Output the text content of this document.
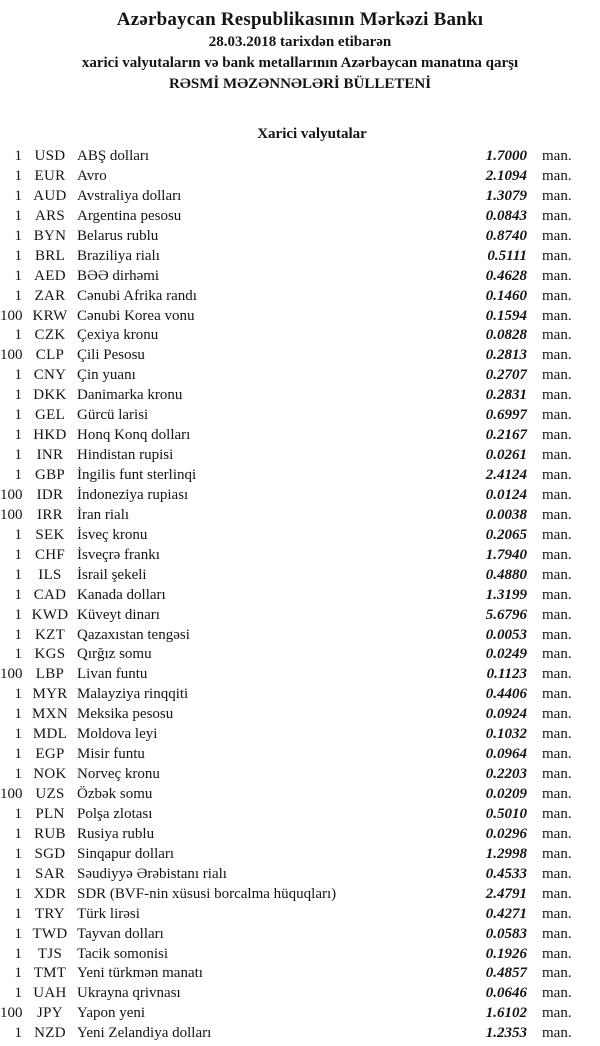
Azərbaycan Respublikasının Mərkəzi Bankı
28.03.2018 tarixdən etibarən
xarici valyutaların və bank metallarının Azərbaycan manatına qarşı
RƏSMİ MƏZƏNNƏLƏRİ BÜLLETENİ
Xarici valyutalar
1 USD ABŞ dolları	1.7000 man.
1 EUR Avro	2.1094 man.
1 AUD Avstraliya dolları	1.3079 man.
1 ARS Argentina pesosu	0.0843 man.
1 BYN Belarus rublu	0.8740 man.
1 BRL Braziliya rialı	0.5111 man.
1 AED BƏƏ dirhəmi	0.4628 man.
1 ZAR Cənubi Afrika randı	0.1460 man.
100 KRW Cənubi Korea vonu	0.1594 man.
1 CZK Çexiya kronu	0.0828 man.
100 CLP Çili Pesosu	0.2813 man.
1 CNY Çin yuanı	0.2707 man.
1 DKK Danimarka kronu	0.2831 man.
1 GEL Gürcü larisi	0.6997 man.
1 HKD Honq Konq dolları	0.2167 man.
1 INR Hindistan rupisi	0.0261 man.
1 GBP İngilis funt sterlinqi	2.4124 man.
100 IDR İndoneziya rupiası	0.0124 man.
100 IRR İran rialı	0.0038 man.
1 SEK İsveç kronu	0.2065 man.
1 CHF İsveçrə frankı	1.7940 man.
1	ILS	İsrail şekeli	0.4880 man.
1 CAD Kanada dolları	1.3199 man.
1 KWD Küveyt dinarı	5.6796 man.
1 KZT Qazaxıstan tengəsi	0.0053 man.
1 KGS Qırğız somu	0.0249 man.
100 LBP Livan funtu	0.1123 man.
1 MYR Malayziya rinqqiti	0.4406 man.
1 MXN Meksika pesosu	0.0924 man.
1 MDL Moldova leyi	0.1032 man.
1 EGP Misir funtu	0.0964 man.
1 NOK Norveç kronu	0.2203 man.
100 UZS Özbək somu	0.0209 man.
1 PLN Polşa zlotası	0.5010 man.
1 RUB Rusiya rublu	0.0296 man.
1 SGD Sinqapur dolları	1.2998 man.
1 SAR Səudiyyə Ərəbistanı rialı	0.4533 man.
1 XDR SDR (BVF-nin xüsusi borcalma hüquqları)	2.4791 man.
1 TRY Türk lirəsi	0.4271 man.
1 TWD Tayvan dolları	0.0583 man.
1	TJS Tacik somonisi	0.1926 man.
1 TMT Yeni türkmən manatı	0.4857 man.
1 UAH Ukrayna qrivnası	0.0646 man.
100 JPY Yapon yeni	1.6102 man.
1 NZD Yeni Zelandiya dolları	1.2353 man.
